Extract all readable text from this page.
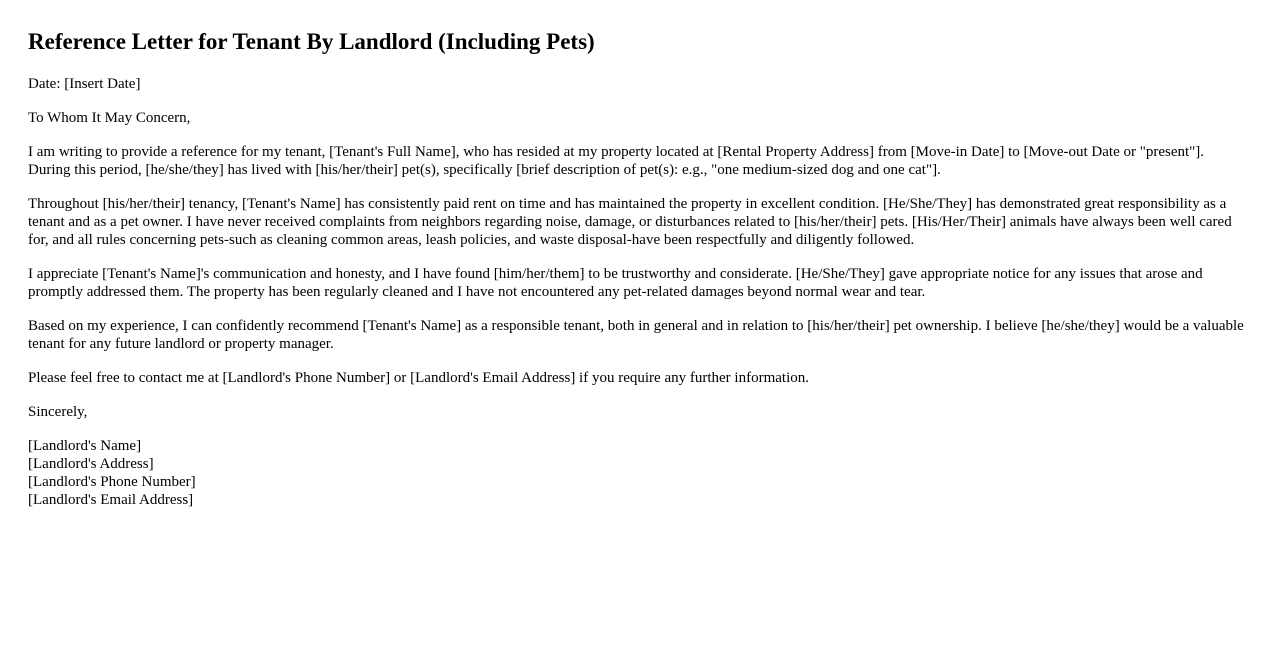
Reference Letter for Tenant By Landlord (Including Pets)

Date: [Insert Date]

To Whom It May Concern,

I am writing to provide a reference for my tenant, [Tenant's Full Name], who has resided at my property located at [Rental Property Address] from [Move-in Date] to [Move-out Date or "present"]. During this period, [he/she/they] has lived with [his/her/their] pet(s), specifically [brief description of pet(s): e.g., "one medium-sized dog and one cat"].

Throughout [his/her/their] tenancy, [Tenant's Name] has consistently paid rent on time and has maintained the property in excellent condition. [He/She/They] has demonstrated great responsibility as a tenant and as a pet owner. I have never received complaints from neighbors regarding noise, damage, or disturbances related to [his/her/their] pets. [His/Her/Their] animals have always been well cared for, and all rules concerning pets-such as cleaning common areas, leash policies, and waste disposal-have been respectfully and diligently followed.

I appreciate [Tenant's Name]'s communication and honesty, and I have found [him/her/them] to be trustworthy and considerate. [He/She/They] gave appropriate notice for any issues that arose and promptly addressed them. The property has been regularly cleaned and I have not encountered any pet-related damages beyond normal wear and tear.

Based on my experience, I can confidently recommend [Tenant's Name] as a responsible tenant, both in general and in relation to [his/her/their] pet ownership. I believe [he/she/they] would be a valuable tenant for any future landlord or property manager.

Please feel free to contact me at [Landlord's Phone Number] or [Landlord's Email Address] if you require any further information.

Sincerely,

[Landlord's Name]

[Landlord's Address]

[Landlord's Phone Number]

[Landlord's Email Address]
